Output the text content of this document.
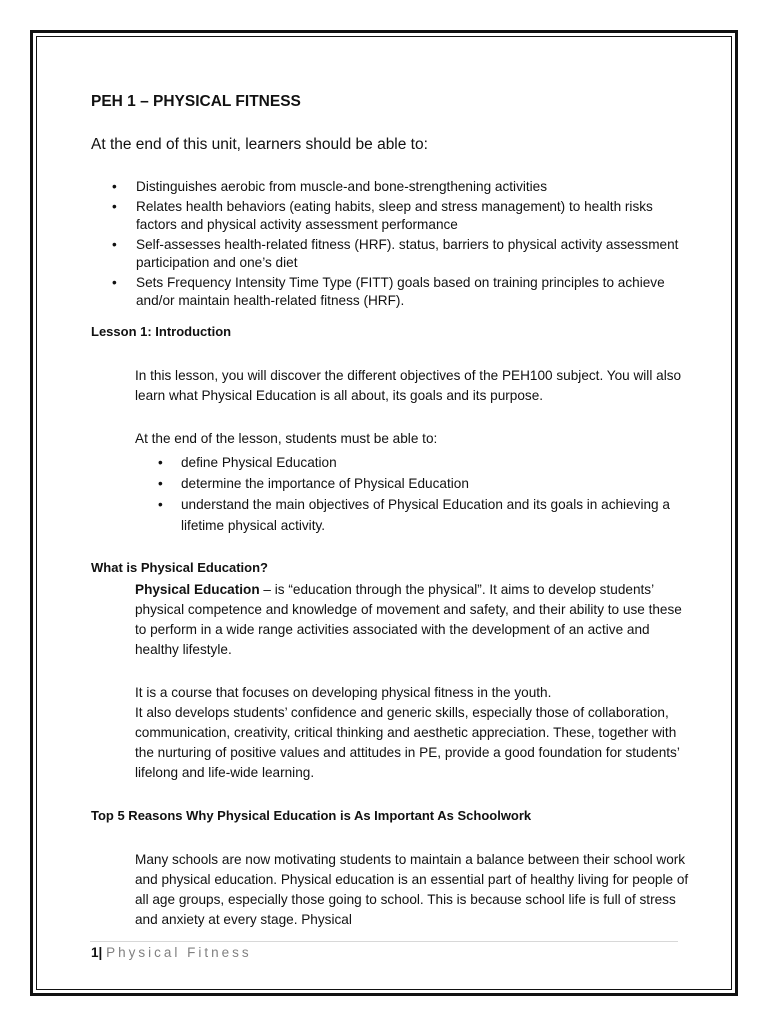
PEH 1 – PHYSICAL FITNESS
At the end of this unit, learners should be able to:
• Distinguishes aerobic from muscle-and bone-strengthening activities
• Relates health behaviors (eating habits, sleep and stress management) to health risks factors and physical activity assessment performance
• Self-assesses health-related fitness (HRF). status, barriers to physical activity assessment participation and one’s diet
• Sets Frequency Intensity Time Type (FITT) goals based on training principles to achieve and/or maintain health-related fitness (HRF).
Lesson 1: Introduction

In this lesson, you will discover the different objectives of the PEH100 subject. You will also learn what Physical Education is all about, its goals and its purpose.

At the end of the lesson, students must be able to:

• define Physical Education
• determine the importance of Physical Education
• understand the main objectives of Physical Education and its goals in achieving a lifetime physical activity.
What is Physical Education?

Physical Education – is “education through the physical”. It aims to develop students’ physical competence and knowledge of movement and safety, and their ability to use these to perform in a wide range activities associated with the development of an active and healthy lifestyle.

It is a course that focuses on developing physical fitness in the youth.
It also develops students’ confidence and generic skills, especially those of collaboration, communication, creativity, critical thinking and aesthetic appreciation. These, together with the nurturing of positive values and attitudes in PE, provide a good foundation for students’ lifelong and life-wide learning.

Top 5 Reasons Why Physical Education is As Important As Schoolwork

Many schools are now motivating students to maintain a balance between their school work and physical education. Physical education is an essential part of healthy living for people of all age groups, especially those going to school. This is because school life is full of stress and anxiety at every stage. Physical

1| Physical Fitness
